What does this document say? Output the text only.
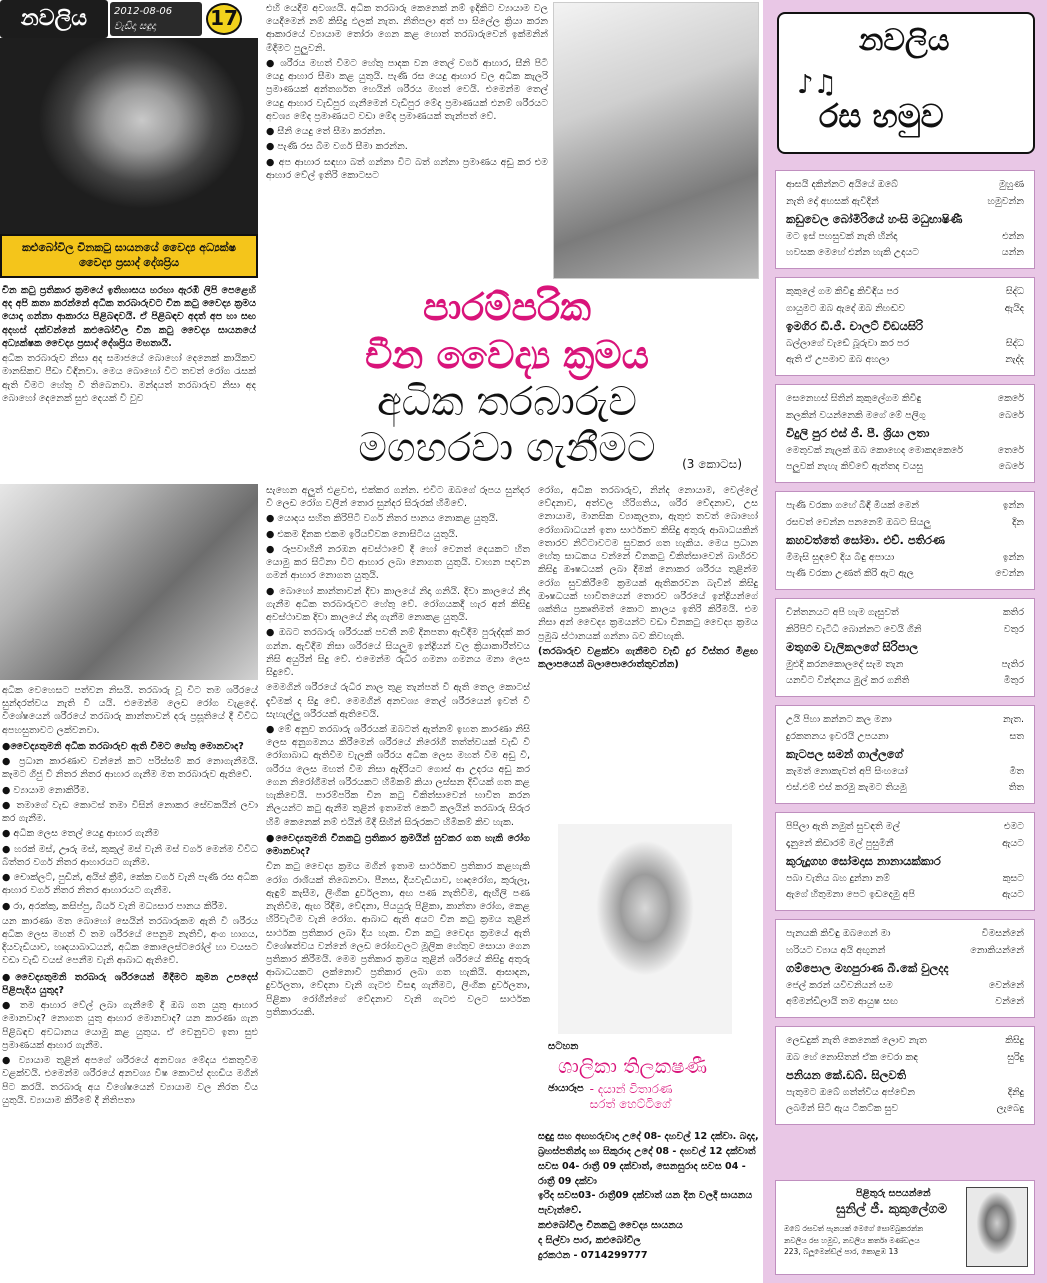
නවලිය	2012-08-06
වැඩිදා සඳුදා	17
කළුබෝවිල චීනකටු සායනයේ වෛද්‍ය අධ්‍යක්ෂ වෛද්‍ය ප්‍රසාද් දේශප්‍රිය

එහි යෙදීම අවශ්‍යයි. අධික තරබාරු කෙනෙක් නම් ඉදිකිට ව්‍යායාම වල යෙදීමෙන් නම් කිසිදු ඵලක් නැත. නිතිපලා අත් පා සිලේල ක්‍රියා කරන ආකාරයේ ව්‍යායාම තෝරා ගෙන කළ හොත් තරබාරුවෙන් ඉක්මනින් මිදීමට පුලුවනි.

● ශරීරය මහත් වීමට හේතු පාදක වන තෙල් වර්ග ආහාර, සීනි පිටි යෙදු ආහාර සීමා කළ යුතුයි. පැණි රස යෙදු ආහාර වල අධික කැලරි ප්‍රමාණයක් අන්තර්ගත හෙයින් ශරීරය මහත් වෙයි. එමෙන්ම තෙල් යෙදු ආහාර වැඩිපුර ගැනීමෙන් වැඩිපුර මේද ප්‍රමාණයක් එනම් ශරීරයට අවශ්‍ය මේද ප්‍රමාණයට වඩා මේද ප්‍රමාණයක් තැන්පත් වේ.

● සීනි යෙදු තේ සීමා කරන්න.

● පැණි රස බීම වර්ග සීමා කරන්න.

● අප ආහාර සඳහා බත් ගන්නා විට බත් ගන්නා ප්‍රමාණය අඩු කර එම ආහාර වේල් ඉතිරි කොටසට

චීන කටු ප්‍රතිකාර ක්‍රමයේ ඉතිහාසය හරහා ඇරඹී ලිපි පෙළෙහි අද අපි කතා කරන්නේ අධික තරබාරුවට චීන කටු වෛද්‍ය ක්‍රමය යොදා ගන්නා ආකාරය පිළිබඳවයි. ඒ පිළිබඳව අදත් අප හා සඟ අදහස් දක්වන්නේ කළුබෝවිල චීන කටු වෛද්‍ය සායනයේ අධ්‍යක්ෂක වෛද්‍ය ප්‍රසාද් දේශප්‍රිය මහතායි.

අධික තරබාරුව නිසා අද සමාජයේ බොහෝ දෙනෙක් කායිකව මානසිකව පීඩා විඳිනවා. මෙය බොහෝ විට තවත් රෝග රැසක් ඇති වීමට හේතු වී තිබෙනවා. මන්දයත් තරබාරුව නිසා අද බොහෝ දෙනෙක් සුළු දෙයක් වී වුව

පාරම්පරික
චීන වෛද්‍ය ක්‍රමය
අධික තරබාරුව
මගහරවා ගැනීමට	(3 කොටස)

අධික වෙහෙසට පත්වන නිසයි. තරබාරු වූ විට තම ශරීරයේ සුන්දරත්වය නැති වී යයි. එමෙන්ම ලෙඩ රෝග වැළදේ. විශේෂයෙන් ශරීරයේ තරබාරු කාන්තාවන් දරු ප්‍රසූතියේ දී විවිධ අපහසුතාවට ලක්වනවා.

●වෛද්‍යතුමනි අධික තරබාරුව ඇති වීමට හේතු මොනවාද?

● ප්‍රධාන කාරණාව වන්නේ කට පරිස්සම් කර නොගැනීමයි. කෑමට ගිජු වී නිතර නිතර ආහාර ගැනීම මත තරබාරුව ඇතිවේ.

● ව්‍යායාම නොකිරීම.

● තමාගේ වැඩ කොටස් තමා විසින් නොකර සේවකයින් ලවා කර ගැනීම.

● අධික ලෙස තෙල් යෙදු ආහාර ගැනීම

● හරක් මස්, ඌරු මස්, කුකුල් මස් වැනි මස් වර්ග මෙන්ම විවිධ බිත්තර වර්ග නිතර ආහාරයට ගැනීම.

● චොක්ලට්, පුඩින්, අයිස් ක්‍රීම්, කේක වර්ග වැනි පැණි රස අධික ආහාර වර්ග නිතර නිතර ආහාරයට ගැනීම.

● රා, අරක්කු, කසිප්පු, බියර් වැනි මධ්‍යසාර පානය කිරීම.

යන කාරණා මත බොහෝ සෙයින් තරබාරුකම ඇති වී ශරීරය අධික ලෙස මහත් වී තම ශරීරයේ පෙනුම නැතිවී, අංග හාගය, දියවැඩියාව, හෘදයාබාධයන්, අධික කොලෙස්ටරෝල් හා වයසට වඩා වැඩි වයස් පෙනීම වැනි ආබාධ ඇතිවේ.

●වෛද්‍යතුමනි තරබාරු ශරීරයෙන් මිදීමට කුමන උපදෙස් පිළිපැදිය යුතුද?

● තම ආහාර වේල් ලබා ගැනීමේ දී ඔබ ගත යුතු ආහාර මොනවාද? නොගත යුතු ආහාර මොනවාද? යන කාරණා ගැන පිළිබඳව අවධානය යොමු කළ යුතුය. ඒ වෙනුවට ඉතා සුළු ප්‍රමාණයක් ආහාර ගැනීම.

● ව්‍යායාම තුළින් අපගේ ශරීරයේ අනවශ්‍ය මේදය එකතුවීම වළක්වයි. එමෙන්ම ශරීරයේ අනවශ්‍ය විෂ කොටස් දහඩිය මගින් පිට කරයි. තරබාරු අය විශේෂයෙන් ව්‍යායාම වල නිරත විය යුතුයි. ව්‍යායාම කිරීමේ දී නිතිපතා

සැහෙන අලුත් එළවළු, එක්කර ගන්න. එවිට ඔබගේ රූපය සුන්දර වී ලෙඩ රෝග වලින් තොර සුන්දර සිරුරක් හිමිවේ.

● යොදය සහිත කිරිපිටි වර්ග නිතර පානය නොකළ යුතුයි.

● එකම දිනක එකම ඉරියව්වක නොසිටිය යුතුයි.

● රූපවාහිනී නරඹන අවස්ථාවේ දී හෝ වෙනත් දෙයකට හිත යොමු කර සිටිනා විට ආහාර ලබා නොගත යුතුයි. වාහන පදවන ගමන් ආහාර නොගත යුතුයි.

● බොහෝ කාන්තාවන් දිවා කාලයේ නිදා ගනියි. දිවා කාලයේ නිදා ගැනීම අධික තරබාරුවට හේතු වේ. රෝගයකදී හැර අන් කිසිදු අවස්ථාවක දිවා කාලයේ නිදා ගැනීම නොකළ යුතුයි.

● ඔබට තරබාරු ශරීරයක් පවතී නම් දිනපතා ඇවිදීම පුරුද්දක් කර ගන්න. ඇවිදීම නිසා ශරීරයේ සියලුම ඉන්ද්‍රියන් වල ක්‍රියාකාරීත්වය නිසි අයුරින් සිදු වේ. එමෙන්ම රුධිර ගමනා ගමනය මනා ලෙස සිදුවේ.

මෙමගින් ශරීරයේ රුධිර නාල තුළ තැන්පත් වී ඇති තෙල කොටස් දැවීමක් ද සිදු වේ. මෙමගින් අනවශ්‍ය තෙල් ශරීරයෙන් ඉවත් වී සැහැල්ලු ශරීරයක් ඇතිවෙයි.

● මේ අනුව තරබාරු ශරීරයක් ඔබටත් ඇත්නම් ඉහත කාරණා නිසි ලෙස අනුගමනය කිරීමෙන් ශරීරයේ නිරෝගී තත්ත්වයක් වැඩි වී රෝගාබාධ ඇතිවීම වැලකී ශරීරය අධික ලෙස මහත් වීම අඩු වී, ශරීරය ලෙස මහත් වීම නිසා ඇදිරියට ගොස් ආ උදරය අඩු කර ගෙන නිරෝගීමත් ශරීරයකට හිමිකම් කියා ලස්සන දිවියක් ගත කළ හැකිවෙයි. පාරම්පරික චීන කටු චිකිත්සාවෙන් භාවිත කරන නිලයන්ට කටු ඇනීම තුළින් ඉතාමත් කෙටි කලයින් තරබාරු සිරුර හිමි කෙනෙක් නම් එයින් මිදී සිහින් සිරුරකට හිමිකම් කිව හැක.

●වෛද්‍යතුමනි චීනකටු ප්‍රතිකාර ක්‍රමයින් සුවකර ගත හැකි රෝග මොනවාද?

චීන කටු වෛද්‍ය ක්‍රමය මගින් ඉතාම සාර්ථකව ප්‍රතිකාර කළහැකි රෝග රාශියක් තිබෙනවා. පීනස, දියවැඩියාව, හෘදරෝග, කුරුලෑ, ඇඳුම් කැසීම, ලිංගික දුර්වලතා, අඟ පණ නැතිවීම, ඇඟිලි පණ නැතිවීම, ඇඟ රිදීම, වේදනා, පියයුරු පිළිකා, කාන්තා රෝග, කෙළ හිරිවැටීම වැනි රෝග. ආබාධ ඇති අයට චීන කටු ක්‍රමය තුළින් සාර්ථක ප්‍රතිකාර ලබා දිය හැක. චීන කටු වෛද්‍ය ක්‍රමයේ ඇති විශේෂත්වය වන්නේ ලෙඩ රෝගවලට මූලික හේතුව සොයා ගෙන ප්‍රතිකාර කිරීමයි. මෙම ප්‍රතිකාර ක්‍රමය තුළින් ශරීරයේ කිසිදු අතුරු ආබාධයකට ලක්නොවී ප්‍රතිකාර ලබා ගත හැකියි. ආසාදන, දුර්වලතා, වේදනා වැනි ගැටළු විසඳා ගැනීමට, ලිංගික දුර්වලතා, පිළිකා රෝගීන්ගේ වේදනාව වැනි ගැටළු වලට සාර්ථක ප්‍රතිකාරයකි.

රෝග, අධික තරබාරුව, නින්ද නොයාම, වෙල්ලේ වේදනාව, අත්වල හිරිගතිය, ශරීර වේදනාව, උස නොයාම, මානසික ව්‍යාකූලතා, ඇතුළු තවත් බොහෝ රෝගාබාධයන් ඉතා සාර්ථකව කිසිදු අතුරු ආබාධයකින් තොරව නිට්ටාවටම සුවකර ගත හැකිය. මෙය ප්‍රධාන හේතු සාධකය වන්නේ චීනකටු චිකිත්සාවෙන් බාහිරව කිසිදු ඖෂධයක් ලබා දීමක් නොකර ශරීරය තුළින්ම රෝග සුවකිරීමේ ක්‍රමයක් ඇතිකරවන බැවින් කිසිදු ඖෂධයක් භාවිතයෙන් තොරව ශරීරයේ ඉන්ද්‍රියන්ගේ ශක්තිය ප්‍රකෘතිමත් කොට කාලය ඉතිරි කිරීමයි. එම නිසා අන් වෛද්‍ය ක්‍රමයන්ට වඩා චීනකටු වෛද්‍ය ක්‍රමය ප්‍රමුඛ ස්ථානයක් ගන්නා බව කිවහැකි.

(තරබාරුව වළක්වා ගැනීමට වැඩි දුර විස්තර මීළඟ කලාපයෙන් බලාපොරොත්තුවන්න)

සටහන
ශාලිකා තිලකෂණී
ඡායාරූප - දයාන් විතාරණ
සරත් හෙට්ටිගේ
සඳුදු සහ අඟහරුවාදා උදේ 08- දහවල් 12 දක්වා. බදාද, බ්‍රහස්පතින්දා හා සිකුරාද උදේ 08 - දහවල් 12 දක්වාත් සවස 04- රාත්‍රී 09 දක්වාත්, සෙනසුරාද සවස 04 - රාත්‍රී 09 දක්වා
ඉරිද සවස03- රාත්‍රී09 දක්වාත් යන දින වලදී සායනය පැවැත්වේ.
කළුබෝවිල චීනකටු වෛද්‍ය සායනය
ද සිල්වා පාර, කළුබෝවිල
දුරකථන - 0714299777
නවලිය
♪♫
රස හමුව
ආසයි දකින්නට අයියේ ඔබේ	මුහුණ
නැති දෝ අහසක් ඇවිදින්	හමුවන්න
කඩුවෙල බෝමිරියේ හංසි මධුභාෂිණී
මට ඉස් පහසුවක් නැති හින්දා	එන්න
හවසක මෙහේ එන්න හැකි උදයට	යන්න
කුකුලේ ගම කිවිඳු කිවිඳිය පර	සිද්ධ
ගායුමට ඔබ ඇදේ ඔබ නිහඬව	ඇයිද
ඉමගිර ඩී.ජී. චාලට් විඩයසිරි
බල්ලාගේ වැඩේ බූරුවා කර පර	සිද්ධ
ඇති ඒ උපමාව ඔබ අහලා	නැද්ද
සෙනෙහස් සිතින් කුකුලේගම කිවිඳු	කෙරේ
කලකින් වයන්නෙකි මගේ මේ පලිගු	බෙරේ
විදුලි පුර එස් ජී. පී. ශ්‍රියා ලතා
මෙතුවක් නැලක් ඔබ කොහෙද මොකදකෙරේ	තෙරේ
පලුවක් නැහැ කිව්වේ ඇත්තද වයසු	බෙරේ
පැණි වරකා ගහේ බිඳී මියක් මෙන්	ඉන්න
රසවත් වෙන්න පනනෙම් ඔබට සියලු	දින
කහවත්තේ සෝමා. එච්. පතිරණ
මීමැසි සුඳවේ දිය බිඳු අපායා	ඉන්න
පැණි වරකා උණත් කිරි ඇට ඇල	වෙන්න
චින්තනයට අපි හැම ගැසුවත්	කතිර
කිරිපිට් වැටිධි බොන්නට වෙයි ගිනි	වතුර
මතුගම වැලිකලගේ සිරිපාල
මුළුදි කරනකොලදේ සැම තැන	පැතිර
යනවිට වින්දනය මුල් කර ගනිති	මිතුර
උයි පිහා කන්නට කල මනා	නැත.
දුරකතනය ඉවරයි උපයනා	සත
කැටපල සමන් ගාල්ලගේ
කැමත් නොකැවත් අපි සිංහයෝ	මිත
එස්.එම් එස් කරමු කැමට තියමු	තිත
පිපිලා ඇති නමුත් සුවඳති මල්	එමට
දෑනුනේ කිඩාරම් මල් පුසුමිනී	ඇයට
කුරුදූගහ සෝමදාස නානායක්කාර
පබා වැතිය බහ දුන්නා නම්	කුසට
ඇගේ හිතුමනා පෙට ඉඩදෙමු අපි	ඇයට
පැනයකි කිවිඳු ඔබගෙන් මා	විමසන්නේ
හරියට ව්‍යාය අයි අඟුනන්	නොකියන්නේ
ගම්පොල මහපුරාණ බී.කේ වුලදද
ජෙල් කරන් යවිවනියන් සම	වෙන්නේ
අම්මන්ඩිලායි තම ආයුෂ සඟ	වන්නේ
ලෙඩදුක් නැති කෙනෙක් ලොව නැත	කිසිදු
ඔබ හේ නොසිතන් ඒක වෙරා කඳ	සුරිදු
පනියන කේ.ඩබ්. සිලවති
පැතුමට ඔබේ ගත්ත්විය අප්වේන	දිනිදු
ලබමින් සිටි ඇය ටිකට්ක සුව	ලැබෙදු
පිළිතුරු සපයන්නේ
සුනිල් ජී. කුකුලේගම
ඔබේ රසවත් පැනයක් මෙගේ සොම්බුකරන්න
නවලිය රස හමුව, නවලිය කර්තෘ මණ්ඩලය
223, බ්ලූමෙන්ඩ්ල් පාර, කොළඹ 13
